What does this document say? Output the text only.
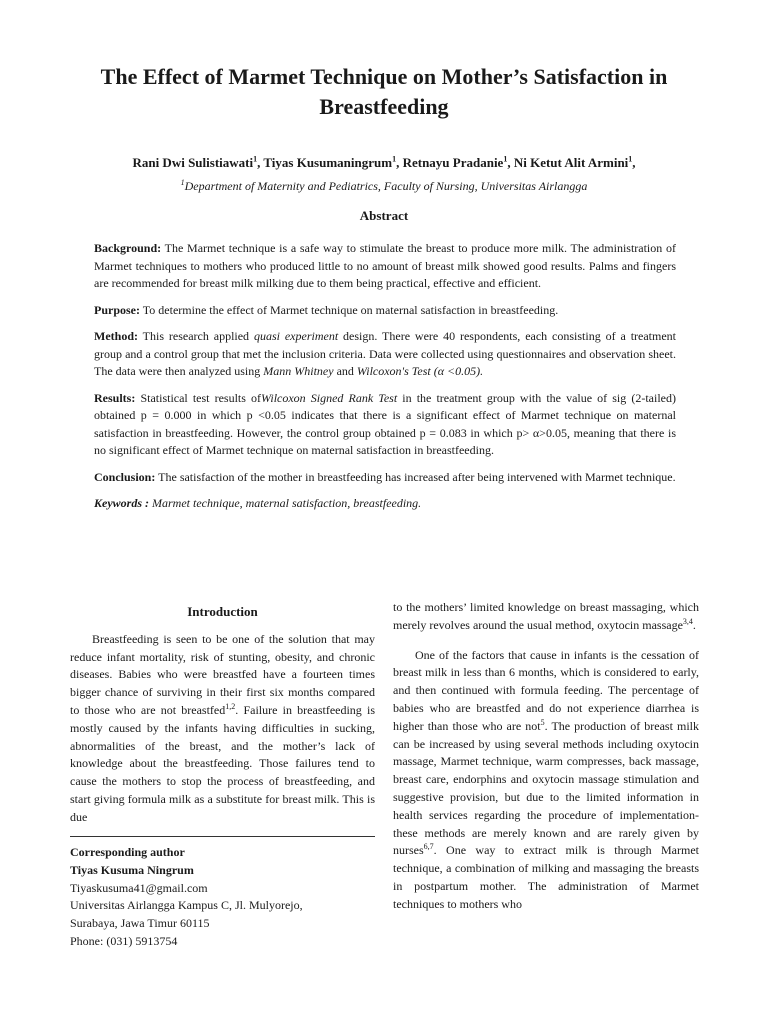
The Effect of Marmet Technique on Mother’s Satisfaction in Breastfeeding
Rani Dwi Sulistiawati$^1$, Tiyas Kusumaningrum$^1$, Retnayu Pradanie$^1$, Ni Ketut Alit Armini$^1$,
$^1$Department of Maternity and Pediatrics, Faculty of Nursing, Universitas Airlangga
Abstract

Background: The Marmet technique is a safe way to stimulate the breast to produce more milk. The administration of Marmet techniques to mothers who produced little to no amount of breast milk showed good results. Palms and fingers are recommended for breast milk milking due to them being practical, effective and efficient.

Purpose: To determine the effect of Marmet technique on maternal satisfaction in breastfeeding.

Method: This research applied quasi experiment design. There were 40 respondents, each consisting of a treatment group and a control group that met the inclusion criteria. Data were collected using questionnaires and observation sheet. The data were then analyzed using Mann Whitney and Wilcoxon's Test (α <0.05).

Results: Statistical test results ofWilcoxon Signed Rank Test in the treatment group with the value of sig (2-tailed) obtained p = 0.000 in which p <0.05 indicates that there is a significant effect of Marmet technique on maternal satisfaction in breastfeeding. However, the control group obtained p = 0.083 in which p> α>0.05, meaning that there is no significant effect of Marmet technique on maternal satisfaction in breastfeeding.

Conclusion: The satisfaction of the mother in breastfeeding has increased after being intervened with Marmet technique.

Keywords : Marmet technique, maternal satisfaction, breastfeeding.

Introduction

Breastfeeding is seen to be one of the solution that may reduce infant mortality, risk of stunting, obesity, and chronic diseases. Babies who were breastfed have a fourteen times bigger chance of surviving in their first six months compared to those who are not breastfed$^{1,2}$. Failure in breastfeeding is mostly caused by the infants having difficulties in sucking, abnormalities of the breast, and the mother’s lack of knowledge about the breastfeeding. Those failures tend to cause the mothers to stop the process of breastfeeding, and start giving formula milk as a substitute for breast milk. This is due

Corresponding author
Tiyas Kusuma Ningrum
Tiyaskusuma41@gmail.com
Universitas Airlangga Kampus C, Jl. Mulyorejo,
Surabaya, Jawa Timur 60115
Phone: (031) 5913754

to the mothers’ limited knowledge on breast massaging, which merely revolves around the usual method, oxytocin massage$^{3,4}$.

One of the factors that cause in infants is the cessation of breast milk in less than 6 months, which is considered to early, and then continued with formula feeding. The percentage of babies who are breastfed and do not experience diarrhea is higher than those who are not$^5$. The production of breast milk can be increased by using several methods including oxytocin massage, Marmet technique, warm compresses, back massage, breast care, endorphins and oxytocin massage stimulation and suggestive provision, but due to the limited information in health services regarding the procedure of implementation-these methods are merely known and are rarely given by nurses$^{6,7}$. One way to extract milk is through Marmet technique, a combination of milking and massaging the breasts in postpartum mother. The administration of Marmet techniques to mothers who
